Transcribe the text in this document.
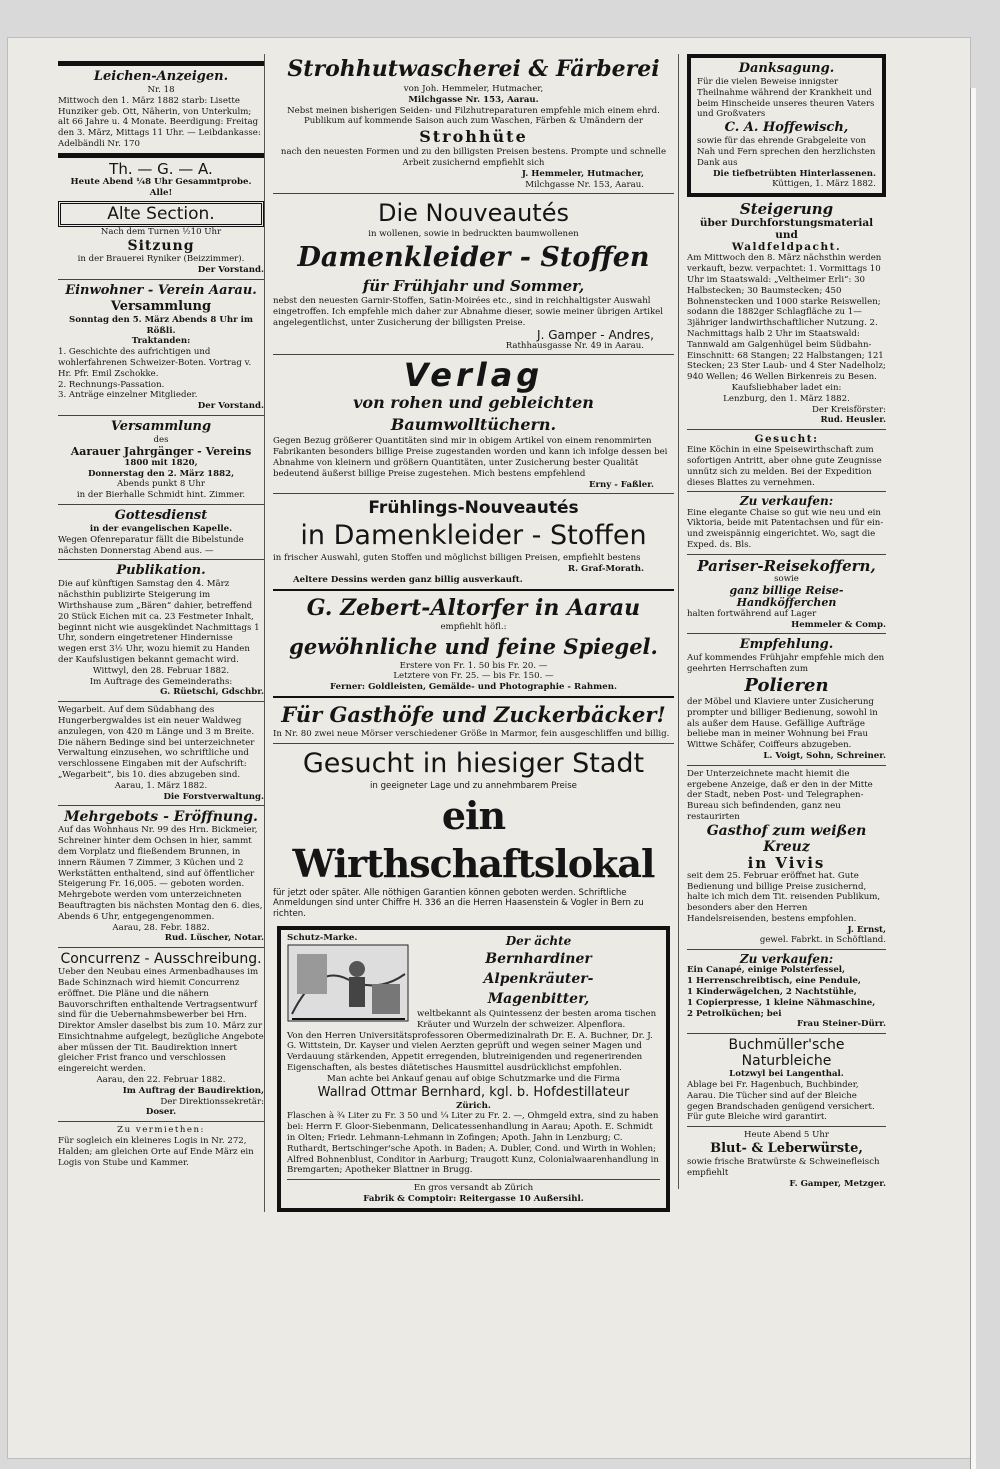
Leichen-Anzeigen.
Nr. 18

Mittwoch den 1. März 1882 starb: Lisette Hunziker geb. Ott, Näherin, von Unterkulm; alt 66 Jahre u. 4 Monate. Beerdigung: Freitag den 3. März, Mittags 11 Uhr. — Leibdankasse: Adelbändli Nr. 170

Th. — G. — A.

Heute Abend ¼8 Uhr Gesammtprobe. Alle!

Alte Section.

Nach dem Turnen ½10 Uhr

Sitzung

in der Brauerei Ryniker (Beizzimmer).

Der Vorstand.

Einwohner - Verein Aarau.
Versammlung

Sonntag den 5. März Abends 8 Uhr im Rößli.

Traktanden:

1. Geschichte des aufrichtigen und wohlerfahrenen Schweizer-Boten. Vortrag v. Hr. Pfr. Emil Zschokke.

2. Rechnungs-Passation.

3. Anträge einzelner Mitglieder.

Der Vorstand.

Versammlung

des

Aarauer Jahrgänger - Vereins

1800 mit 1820,

Donnerstag den 2. März 1882,

Abends punkt 8 Uhr

in der Bierhalle Schmidt hint. Zimmer.

Gottesdienst

in der evangelischen Kapelle.

Wegen Ofenreparatur fällt die Bibelstunde nächsten Donnerstag Abend aus. —

Publikation.

Die auf künftigen Samstag den 4. März nächsthin publizirte Steigerung im Wirthshause zum „Bären“ dahier, betreffend 20 Stück Eichen mit ca. 23 Festmeter Inhalt, beginnt nicht wie ausgekündet Nachmittags 1 Uhr, sondern eingetretener Hindernisse wegen erst 3½ Uhr, wozu hiemit zu Handen der Kaufslustigen bekannt gemacht wird.

Wittwyl, den 28. Februar 1882.

Im Auftrage des Gemeinderaths:

G. Rüetschi, Gdschbr.

Wegarbeit. Auf dem Südabhang des Hungerbergwaldes ist ein neuer Waldweg anzulegen, von 420 m Länge und 3 m Breite. Die nähern Bedinge sind bei unterzeichneter Verwaltung einzusehen, wo schriftliche und verschlossene Eingaben mit der Aufschrift: „Wegarbeit“, bis 10. dies abzugeben sind.

Aarau, 1. März 1882.

Die Forstverwaltung.

Mehrgebots - Eröffnung.

Auf das Wohnhaus Nr. 99 des Hrn. Bickmeier, Schreiner hinter dem Ochsen in hier, sammt dem Vorplatz und fließendem Brunnen, in innern Räumen 7 Zimmer, 3 Küchen und 2 Werkstätten enthaltend, sind auf öffentlicher Steigerung Fr. 16,005. — geboten worden. Mehrgebote werden vom unterzeichneten Beauftragten bis nächsten Montag den 6. dies, Abends 6 Uhr, entgegengenommen.

Aarau, 28. Febr. 1882.

Rud. Lüscher, Notar.

Concurrenz - Ausschreibung.

Ueber den Neubau eines Armenbadhauses im Bade Schinznach wird hiemit Concurrenz eröffnet. Die Pläne und die nähern Bauvorschriften enthaltende Vertragsentwurf sind für die Uebernahmsbewerber bei Hrn. Direktor Amsler daselbst bis zum 10. März zur Einsichtnahme aufgelegt, bezügliche Angebote aber müssen der Tit. Baudirektion innert gleicher Frist franco und verschlossen eingereicht werden.

Aarau, den 22. Februar 1882.

Im Auftrag der Baudirektion,

Der Direktionssekretär:

Doser.

Zu vermiethen:

Für sogleich ein kleineres Logis in Nr. 272, Halden; am gleichen Orte auf Ende März ein Logis von Stube und Kammer.

Strohhutwascherei & Färberei

von Joh. Hemmeler, Hutmacher,

Milchgasse Nr. 153, Aarau.

Nebst meinen bisherigen Seiden- und Filzhutreparaturen empfehle mich einem ehrd. Publikum auf kommende Saison auch zum Waschen, Färben & Umändern der

Strohhüte

nach den neuesten Formen und zu den billigsten Preisen bestens. Prompte und schnelle Arbeit zusichernd empfiehlt sich

J. Hemmeler, Hutmacher,

Milchgasse Nr. 153, Aarau.

Die Nouveautés

in wollenen, sowie in bedruckten baumwollenen

Damenkleider - Stoffen
für Frühjahr und Sommer,

nebst den neuesten Garnir-Stoffen, Satin-Moirées etc., sind in reichhaltigster Auswahl eingetroffen. Ich empfehle mich daher zur Abnahme dieser, sowie meiner übrigen Artikel angelegentlichst, unter Zusicherung der billigsten Preise.

J. Gamper - Andres,

Rathhausgasse Nr. 49 in Aarau.

Verlag
von rohen und gebleichten Baumwolltüchern.

Gegen Bezug größerer Quantitäten sind mir in obigem Artikel von einem renommirten Fabrikanten besonders billige Preise zugestanden worden und kann ich infolge dessen bei Abnahme von kleinern und größern Quantitäten, unter Zusicherung bester Qualität bedeutend äußerst billige Preise zugestehen. Mich bestens empfehlend

Erny - Faßler.

Frühlings-Nouveautés
in Damenkleider - Stoffen

in frischer Auswahl, guten Stoffen und möglichst billigen Preisen, empfiehlt bestens

R. Graf-Morath.

Aeltere Dessins werden ganz billig ausverkauft.

G. Zebert-Altorfer in Aarau

empfiehlt höfl.:

gewöhnliche und feine Spiegel.

Erstere von Fr. 1. 50 bis Fr. 20. —

Letztere von Fr. 25. — bis Fr. 150. —

Ferner: Goldleisten, Gemälde- und Photographie - Rahmen.

Für Gasthöfe und Zuckerbäcker!

In Nr. 80 zwei neue Mörser verschiedener Größe in Marmor, fein ausgeschliffen und billig.

Gesucht in hiesiger Stadt

in geeigneter Lage und zu annehmbarem Preise

ein Wirthschaftslokal

für jetzt oder später. Alle nöthigen Garantien können geboten werden. Schriftliche Anmeldungen sind unter Chiffre H. 336 an die Herren Haasenstein & Vogler in Bern zu richten.

Schutz-Marke.	Der ächte

Bernhardiner

Alpenkräuter-

Magenbitter,

weltbekannt als Quintessenz der besten aroma tischen Kräuter und Wurzeln der schweizer. Alpenflora.

Von den Herren Universitätsprofessoren Obermedizinalrath Dr. E. A. Buchner, Dr. J. G. Wittstein, Dr. Kayser und vielen Aerzten geprüft und wegen seiner Magen und Verdauung stärkenden, Appetit erregenden, blutreinigenden und regenerirenden Eigenschaften, als bestes diätetisches Hausmittel ausdrücklichst empfohlen.

Man achte bei Ankauf genau auf obige Schutzmarke und die Firma

Wallrad Ottmar Bernhard, kgl. b. Hofdestillateur

Zürich.

Flaschen à ¾ Liter zu Fr. 3 50 und ¼ Liter zu Fr. 2. —, Ohmgeld extra, sind zu haben bei: Herrn F. Gloor-Siebenmann, Delicatessenhandlung in Aarau; Apoth. E. Schmidt in Olten; Friedr. Lehmann-Lehmann in Zofingen; Apoth. Jahn in Lenzburg; C. Ruthardt, Bertschinger'sche Apoth. in Baden; A. Dubler, Cond. und Wirth in Wohlen; Alfred Bohnenblust, Conditor in Aarburg; Traugott Kunz, Colonialwaarenhandlung in Bremgarten; Apotheker Blattner in Brugg.

En gros versandt ab Zürich

Fabrik & Comptoir: Reitergasse 10 Außersihl.

Danksagung.

Für die vielen Beweise innigster Theilnahme während der Krankheit und beim Hinscheide unseres theuren Vaters und Großvaters

C. A. Hoffewisch,

sowie für das ehrende Grabgeleite von Nah und Fern sprechen den herzlichsten Dank aus

Die tiefbetrübten Hinterlassenen.

Küttigen, 1. März 1882.

Steigerung

über Durchforstungsmaterial und

Waldfeldpacht.

Am Mittwoch den 8. März nächsthin werden verkauft, bezw. verpachtet: 1. Vormittags 10 Uhr im Staatswald: „Veltheimer Erli“: 30 Halbstecken; 30 Baumstecken; 450 Bohnenstecken und 1000 starke Reiswellen; sodann die 1882ger Schlagfläche zu 1—3jähriger landwirthschaftlicher Nutzung. 2. Nachmittags halb 2 Uhr im Staatswald: Tannwald am Galgenhügel beim Südbahn-Einschnitt: 68 Stangen; 22 Halbstangen; 121 Stecken; 23 Ster Laub- und 4 Ster Nadelholz; 940 Wellen; 46 Wellen Birkenreis zu Besen.

Kaufsliebhaber ladet ein:

Lenzburg, den 1. März 1882.

Der Kreisförster:

Rud. Heusler.

Gesucht:

Eine Köchin in eine Speisewirthschaft zum sofortigen Antritt, aber ohne gute Zeugnisse unnütz sich zu melden. Bei der Expedition dieses Blattes zu vernehmen.

Zu verkaufen:

Eine elegante Chaise so gut wie neu und ein Viktoria, beide mit Patentachsen und für ein- und zweispännig eingerichtet. Wo, sagt die Exped. ds. Bls.

Pariser-Reisekoffern,

sowie

ganz billige Reise-Handköfferchen

halten fortwährend auf Lager

Hemmeler & Comp.

Empfehlung.

Auf kommendes Frühjahr empfehle mich den geehrten Herrschaften zum

Polieren

der Möbel und Klaviere unter Zusicherung prompter und billiger Bedienung, sowohl in als außer dem Hause. Gefällige Aufträge beliebe man in meiner Wohnung bei Frau Wittwe Schäfer, Coiffeurs abzugeben.

L. Voigt, Sohn, Schreiner.

Der Unterzeichnete macht hiemit die ergebene Anzeige, daß er den in der Mitte der Stadt, neben Post- und Telegraphen-Bureau sich befindenden, ganz neu restaurirten

Gasthof zum weißen Kreuz
in Vivis

seit dem 25. Februar eröffnet hat. Gute Bedienung und billige Preise zusichernd, halte ich mich dem Tit. reisenden Publikum, besonders aber den Herren Handelsreisenden, bestens empfohlen.

J. Ernst,

gewel. Fabrkt. in Schöftland.

Zu verkaufen:

Ein Canapé, einige Polsterfessel,

1 Herrenschreibtisch, eine Pendule,

1 Kinderwägelchen, 2 Nachtstühle,

1 Copierpresse, 1 kleine Nähmaschine,

2 Petrolküchen; bei

Frau Steiner-Dürr.

Buchmüller'sche Naturbleiche

Lotzwyl bei Langenthal.

Ablage bei Fr. Hagenbuch, Buchbinder, Aarau. Die Tücher sind auf der Bleiche gegen Brandschaden genügend versichert. Für gute Bleiche wird garantirt.

Heute Abend 5 Uhr

Blut- & Leberwürste,

sowie frische Bratwürste & Schweinefleisch empfiehlt

F. Gamper, Metzger.
